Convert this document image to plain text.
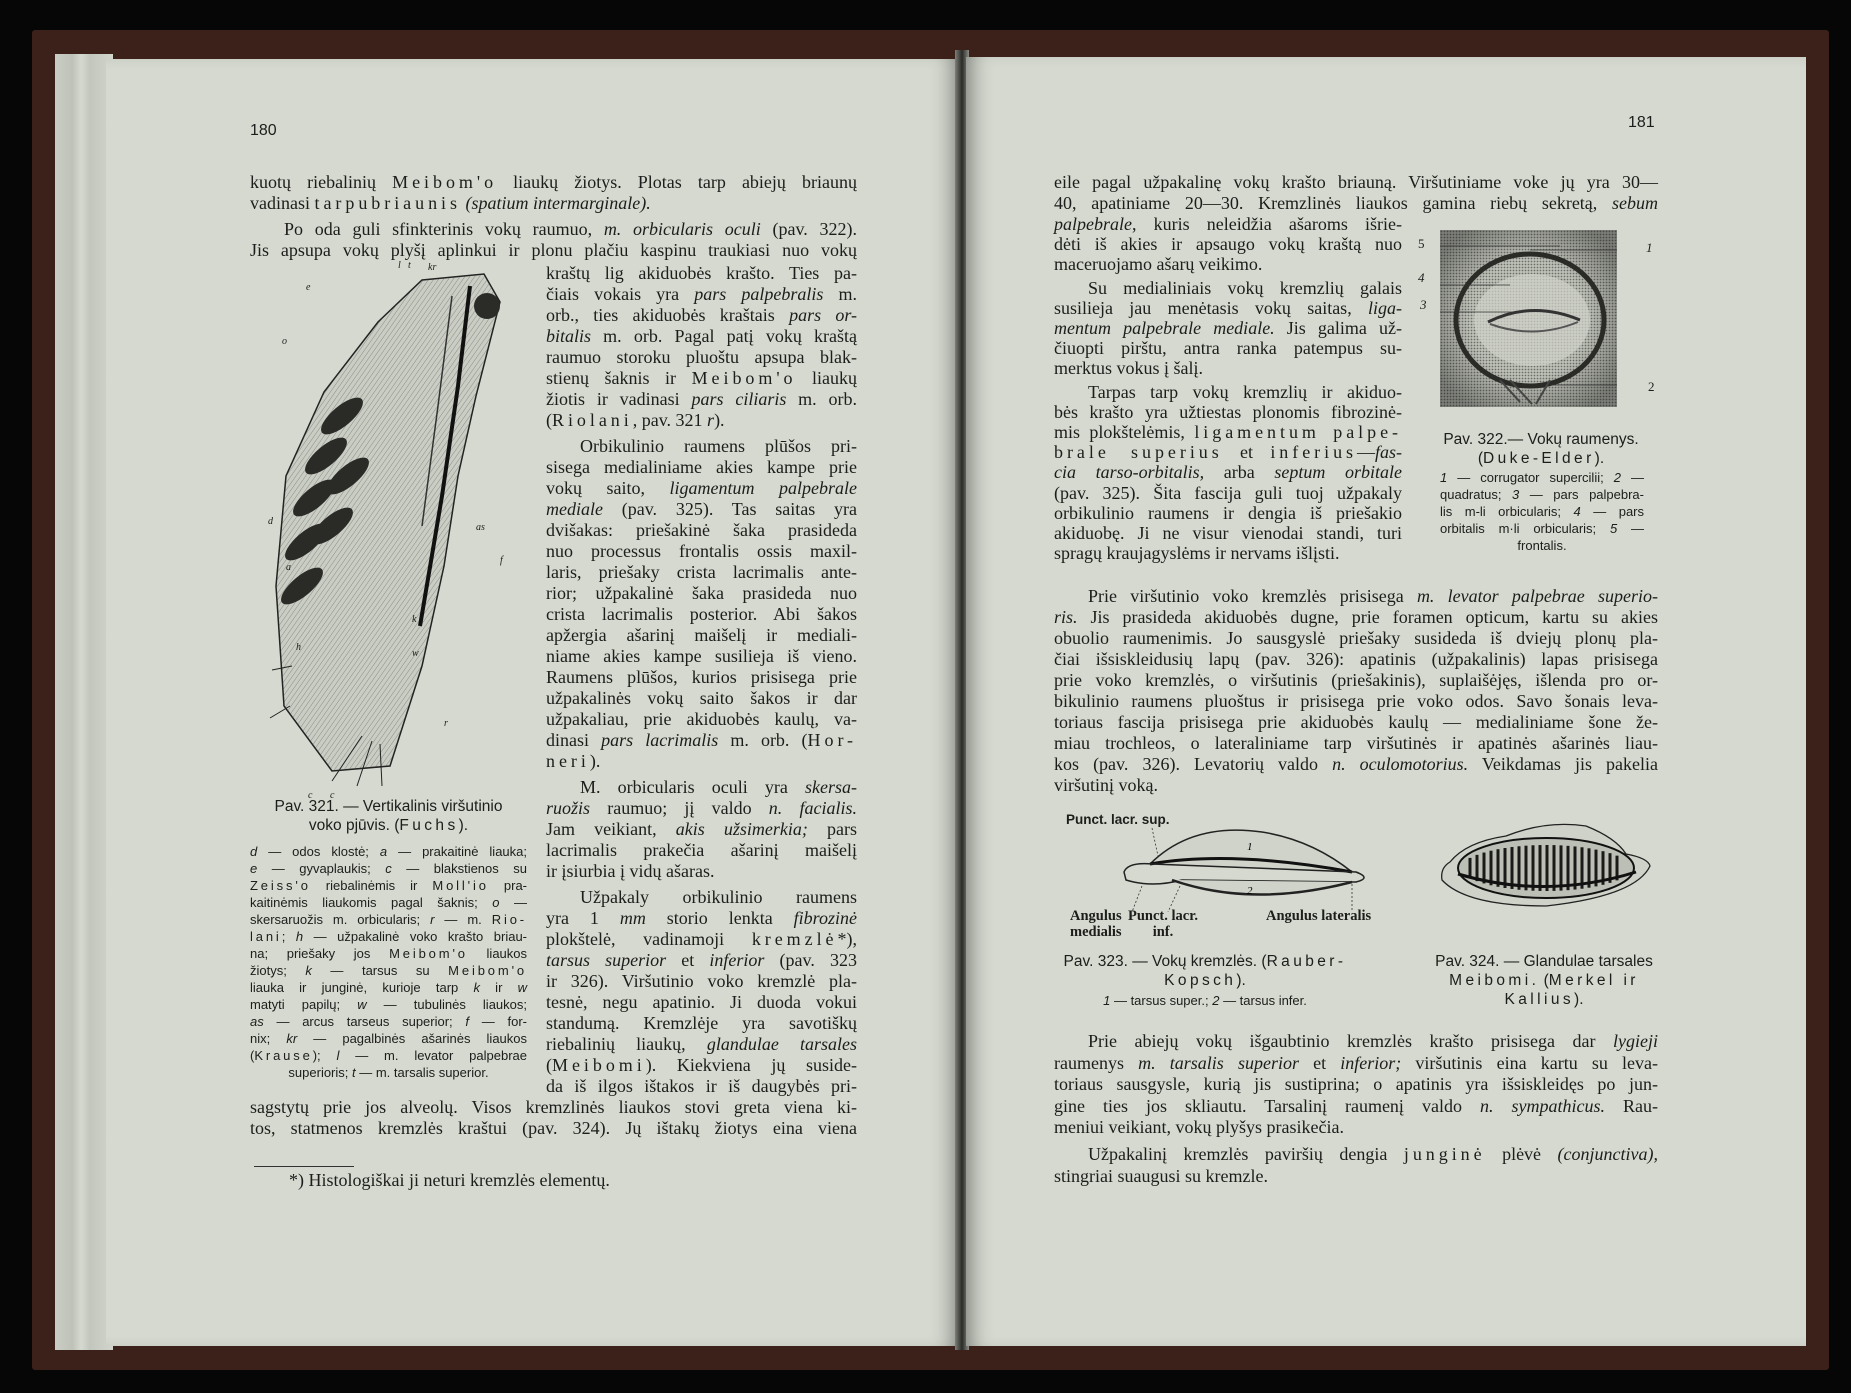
180
kuotų riebalinių Meibom'o liaukų žiotys. Plotas tarp abiejų briaunų
vadinasi tarpubriaunis (spatium intermarginale).
Po oda guli sfinkterinis vokų raumuo, m. orbicularis oculi (pav. 322).
Jis apsupa vokų plyšį aplinkui ir plonu plačiu kaspinu traukiasi nuo vokų
kraštų lig akiduobės krašto. Ties pa-
čiais vokais yra pars palpebralis m.
orb., ties akiduobės kraštais pars or-
bitalis m. orb. Pagal patį vokų kraštą
raumuo storoku pluoštu apsupa blak-
stienų šaknis ir Meibom'o liaukų
žiotis ir vadinasi pars ciliaris m. orb.
(Riolani, pav. 321 r).
Orbikulinio raumens plūšos pri-
sisega medialiniame akies kampe prie
vokų saito, ligamentum palpebrale
mediale (pav. 325). Tas saitas yra
dvišakas: priešakinė šaka prasideda
nuo processus frontalis ossis maxil-
laris, priešaky crista lacrimalis ante-
rior; užpakalinė šaka prasideda nuo
crista lacrimalis posterior. Abi šakos
apžergia ašarinį maišelį ir mediali-
niame akies kampe susilieja iš vieno.
Raumens plūšos, kurios prisisega prie
užpakalinės vokų saito šakos ir dar
užpakaliau, prie akiduobės kaulų, va-
dinasi pars lacrimalis m. orb. (Hor-
neri).
M. orbicularis oculi yra skersa-
ruožis raumuo; jį valdo n. facialis.
Jam veikiant, akis užsimerkia; pars
lacrimalis prakečia ašarinį maišelį
ir įsiurbia į vidų ašaras.
Užpakaly orbikulinio raumens
yra 1 mm storio lenkta fibrozinė
plokštelė, vadinamoji kremzlė*),
tarsus superior et inferior (pav. 323
ir 326). Viršutinio voko kremzlė pla-
tesnė, negu apatinio. Ji duoda vokui
standumą. Kremzlėje yra savotiškų
riebalinių liaukų, glandulae tarsales
(Meibomi). Kiekviena jų suside-
da iš ilgos ištakos ir iš daugybės pri-
sagstytų prie jos alveolų. Visos kremzlinės liaukos stovi greta viena ki-
tos, statmenos kremzlės kraštui (pav. 324). Jų ištakų žiotys eina viena
*) Histologiškai ji neturi kremzlės elementų.
l t kr
e
o
as
d
a
f
h
k
w
r
c c
Pav. 321. — Vertikalinis viršutinio
voko pjūvis. (Fuchs).
d — odos klostė; a — prakaitinė liauka;
e — gyvaplaukis; c — blakstienos su
Zeiss'o riebalinėmis ir Moll'io pra-
kaitinėmis liaukomis pagal šaknis; o —
skersaruožis m. orbicularis; r — m. Rio-
lani; h — užpakalinė voko krašto briau-
na; priešaky jos Meibom'o liaukos
žiotys; k — tarsus su Meibom'o
liauka ir junginė, kurioje tarp k ir w
matyti papilų; w — tubulinės liaukos;
as — arcus tarseus superior; f — for-
nix; kr — pagalbinės ašarinės liaukos
(Krause); l — m. levator palpebrae
superioris; t — m. tarsalis superior.
181
eile pagal užpakalinę vokų krašto briauną. Viršutiniame voke jų yra 30—
40, apatiniame 20—30. Kremzlinės liaukos gamina riebų sekretą, sebum
palpebrale, kuris neleidžia ašaroms išrie-
dėti iš akies ir apsaugo vokų kraštą nuo
maceruojamo ašarų veikimo.
Su medialiniais vokų kremzlių galais
susilieja jau menėtasis vokų saitas, liga-
mentum palpebrale mediale. Jis galima už-
čiuopti pirštu, antra ranka patempus su-
merktus vokus į šalį.
Tarpas tarp vokų kremzlių ir akiduo-
bės krašto yra užtiestas plonomis fibrozinė-
mis plokštelėmis, ligamentum palpe-
brale superius et inferius—fas-
cia tarso-orbitalis, arba septum orbitale
(pav. 325). Šita fascija guli tuoj užpakaly
orbikulinio raumens ir dengia iš priešakio
akiduobę. Ji ne visur vienodai standi, turi
spragų kraujagyslėms ir nervams išlįsti.
Prie viršutinio voko kremzlės prisisega m. levator palpebrae superio-
ris. Jis prasideda akiduobės dugne, prie foramen opticum, kartu su akies
obuolio raumenimis. Jo sausgyslė priešaky susideda iš dviejų plonų pla-
čiai išsiskleidusių lapų (pav. 326): apatinis (užpakalinis) lapas prisisega
prie voko kremzlės, o viršutinis (priešakinis), suplaišėjęs, išlenda pro or-
bikulinio raumens pluoštus ir prisisega prie voko odos. Savo šonais leva-
toriaus fascija prisisega prie akiduobės kaulų — medialiniame šone že-
miau trochleos, o lateraliniame tarp viršutinės ir apatinės ašarinės liau-
kos (pav. 326). Levatorių valdo n. oculomotorius. Veikdamas jis pakelia
viršutinį voką.
Prie abiejų vokų išgaubtinio kremzlės krašto prisisega dar lygieji
raumenys m. tarsalis superior et inferior; viršutinis eina kartu su leva-
toriaus sausgysle, kurią jis sustiprina; o apatinis yra išsiskleidęs po jun-
gine ties jos skliautu. Tarsalinį raumenį valdo n. sympathicus. Rau-
meniui veikiant, vokų plyšys prasikečia.
Užpakalinį kremzlės paviršių dengia junginė plėvė (conjunctiva),
stingriai suaugusi su kremzle.
5
4
3
1
2
Pav. 322.— Vokų raumenys.
(Duke-Elder).
1 — corrugator supercilii; 2 —
quadratus; 3 — pars palpebra-
lis m-li orbicularis; 4 — pars
orbitalis m·li orbicularis; 5 —
frontalis.
Punct. lacr. sup.
1
2
Angulus
medialis
Punct. lacr.
inf.
Angulus lateralis
Pav. 323. — Vokų kremzlės. (Rauber-
Kopsch).
1 — tarsus super.; 2 — tarsus infer.
Pav. 324. — Glandulae tarsales
Meibomi. (Merkel ir
Kallius).
